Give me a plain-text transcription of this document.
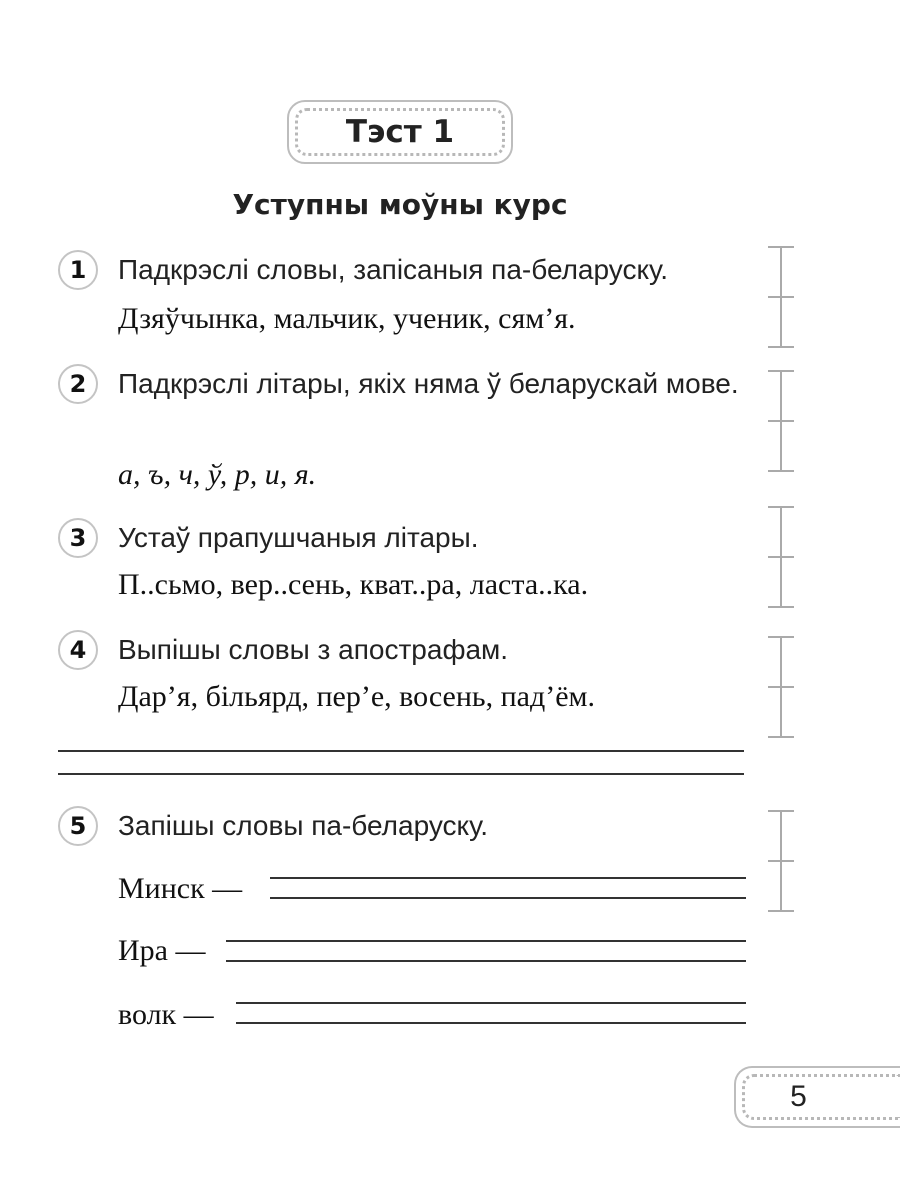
Тэст 1
Уступны моўны курс
1	Падкрэслі словы, запісаныя па-беларуску.
Дзяўчынка, мальчик, ученик, сям’я.
2	Падкрэслі літары, якіх няма ў беларускай мове.
а, ъ, ч, ў, р, и, я.
3	Устаў прапушчаныя літары.
П..сьмо, вер..сень, кват..ра, ласта..ка.
4	Выпішы словы з апострафам.
Дар’я, більярд, пер’е, восень, пад’ём.
5	Запішы словы па-беларуску.
Минск —
Ира —
волк —
5
